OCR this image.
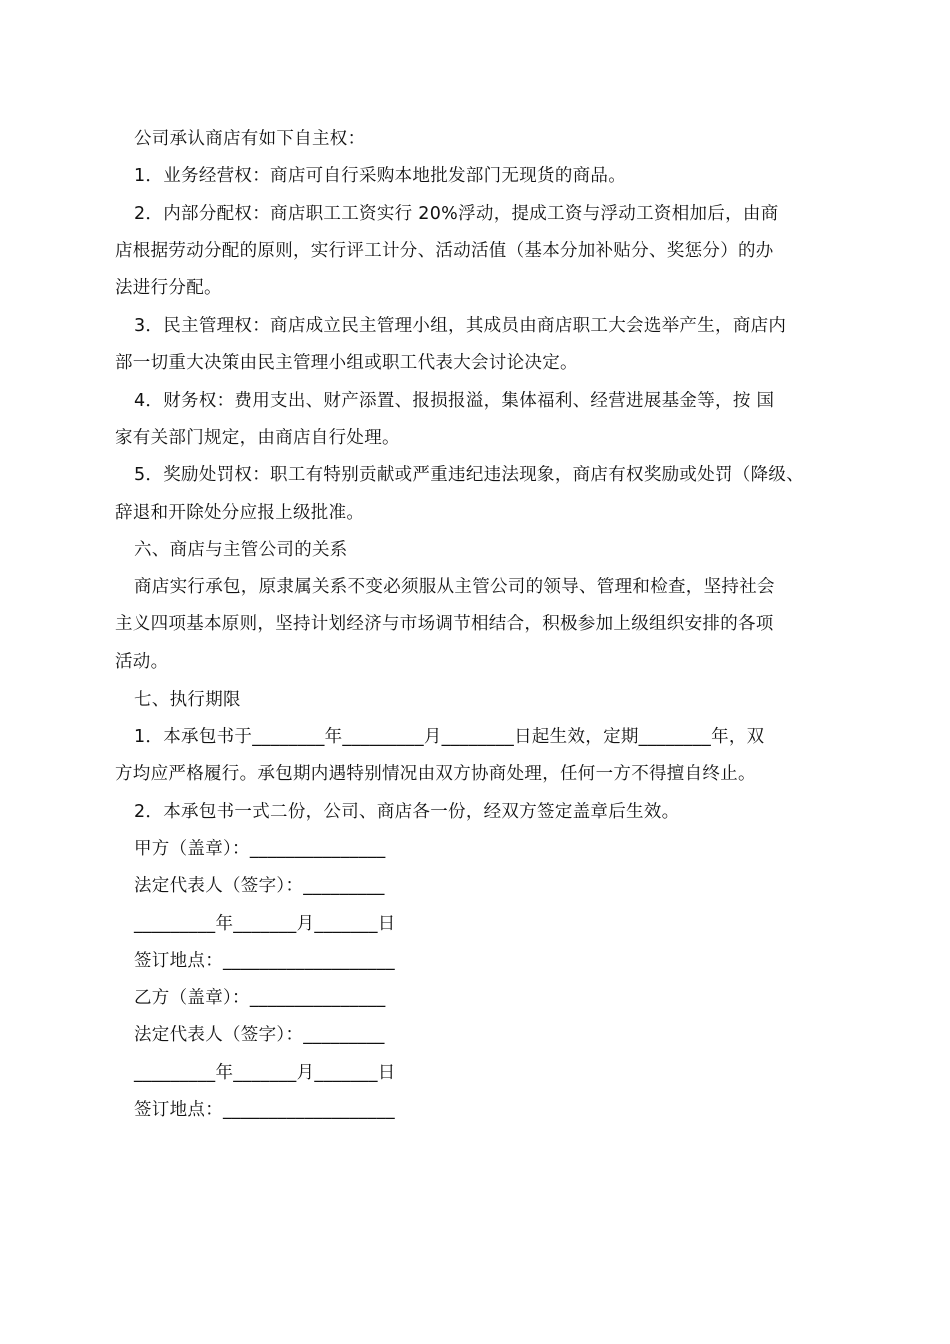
公司承认商店有如下自主权：
1．业务经营权：商店可自行采购本地批发部门无现货的商品。
2．内部分配权：商店职工工资实行 20%浮动，提成工资与浮动工资相加后，由商
店根据劳动分配的原则，实行评工计分、活动活值（基本分加补贴分、奖惩分）的办
法进行分配。
3．民主管理权：商店成立民主管理小组，其成员由商店职工大会选举产生，商店内
部一切重大决策由民主管理小组或职工代表大会讨论决定。
4．财务权：费用支出、财产添置、报损报溢，集体福利、经营进展基金等，按 国
家有关部门规定，由商店自行处理。
5．奖励处罚权：职工有特别贡献或严重违纪违法现象，商店有权奖励或处罚（降级、
辞退和开除处分应报上级批准。
六、商店与主管公司的关系
商店实行承包，原隶属关系不变必须服从主管公司的领导、管理和检查，坚持社会
主义四项基本原则，坚持计划经济与市场调节相结合，积极参加上级组织安排的各项
活动。
七、执行期限
1．本承包书于________年_________月________日起生效，定期________年，双
方均应严格履行。承包期内遇特别情况由双方协商处理，任何一方不得擅自终止。
2．本承包书一式二份，公司、商店各一份，经双方签定盖章后生效。
甲方（盖章）：_______________
法定代表人（签字）：_________
_________年_______月_______日
签订地点：___________________
乙方（盖章）：_______________
法定代表人（签字）：_________
_________年_______月_______日
签订地点：___________________
